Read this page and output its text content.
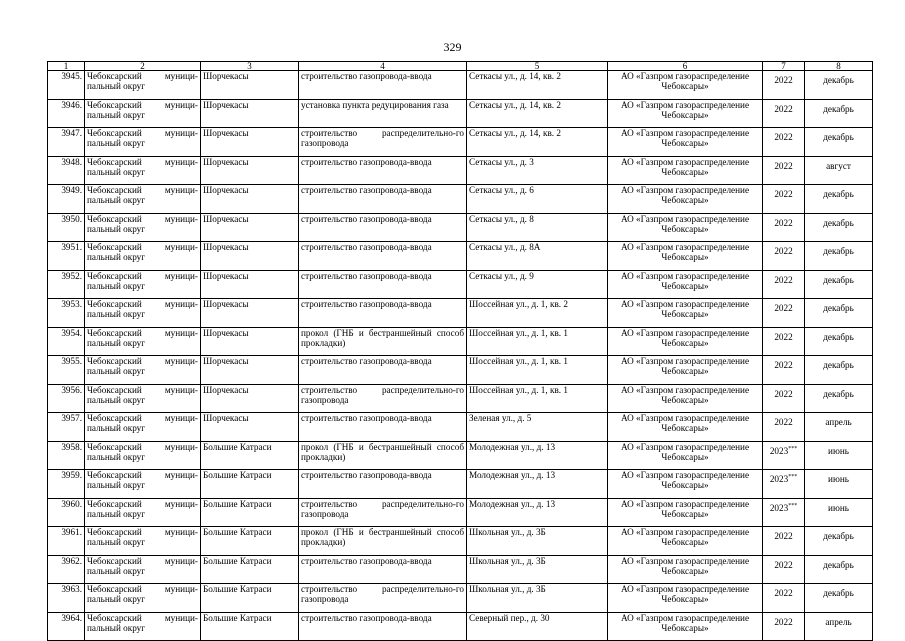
329
1	2	3	4	5	6	7	8
3945.	Чебоксарский муници-пальный округ	Шорчекасы	строительство газопровода-ввода	Сеткасы ул., д. 14, кв. 2	АО «Газпром газораспределение Чебоксары»	2022	декабрь
3946.	Чебоксарский муници-пальный округ	Шорчекасы	установка пункта редуцирования газа	Сеткасы ул., д. 14, кв. 2	АО «Газпром газораспределение Чебоксары»	2022	декабрь
3947.	Чебоксарский муници-пальный округ	Шорчекасы	строительство распределительно-го газопровода	Сеткасы ул., д. 14, кв. 2	АО «Газпром газораспределение Чебоксары»	2022	декабрь
3948.	Чебоксарский муници-пальный округ	Шорчекасы	строительство газопровода-ввода	Сеткасы ул., д. 3	АО «Газпром газораспределение Чебоксары»	2022	август
3949.	Чебоксарский муници-пальный округ	Шорчекасы	строительство газопровода-ввода	Сеткасы ул., д. 6	АО «Газпром газораспределение Чебоксары»	2022	декабрь
3950.	Чебоксарский муници-пальный округ	Шорчекасы	строительство газопровода-ввода	Сеткасы ул., д. 8	АО «Газпром газораспределение Чебоксары»	2022	декабрь
3951.	Чебоксарский муници-пальный округ	Шорчекасы	строительство газопровода-ввода	Сеткасы ул., д. 8А	АО «Газпром газораспределение Чебоксары»	2022	декабрь
3952.	Чебоксарский муници-пальный округ	Шорчекасы	строительство газопровода-ввода	Сеткасы ул., д. 9	АО «Газпром газораспределение Чебоксары»	2022	декабрь
3953.	Чебоксарский муници-пальный округ	Шорчекасы	строительство газопровода-ввода	Шоссейная ул., д. 1, кв. 2	АО «Газпром газораспределение Чебоксары»	2022	декабрь
3954.	Чебоксарский муници-пальный округ	Шорчекасы	прокол (ГНБ и бестраншейный способ прокладки)	Шоссейная ул., д. 1, кв. 1	АО «Газпром газораспределение Чебоксары»	2022	декабрь
3955.	Чебоксарский муници-пальный округ	Шорчекасы	строительство газопровода-ввода	Шоссейная ул., д. 1, кв. 1	АО «Газпром газораспределение Чебоксары»	2022	декабрь
3956.	Чебоксарский муници-пальный округ	Шорчекасы	строительство распределительно-го газопровода	Шоссейная ул., д. 1, кв. 1	АО «Газпром газораспределение Чебоксары»	2022	декабрь
3957.	Чебоксарский муници-пальный округ	Шорчекасы	строительство газопровода-ввода	Зеленая ул., д. 5	АО «Газпром газораспределение Чебоксары»	2022	апрель
3958.	Чебоксарский муници-пальный округ	Большие Катраси	прокол (ГНБ и бестраншейный способ прокладки)	Молодежная ул., д. 13	АО «Газпром газораспределение Чебоксары»	2023***	июнь
3959.	Чебоксарский муници-пальный округ	Большие Катраси	строительство газопровода-ввода	Молодежная ул., д. 13	АО «Газпром газораспределение Чебоксары»	2023***	июнь
3960.	Чебоксарский муници-пальный округ	Большие Катраси	строительство распределительно-го газопровода	Молодежная ул., д. 13	АО «Газпром газораспределение Чебоксары»	2023***	июнь
3961.	Чебоксарский муници-пальный округ	Большие Катраси	прокол (ГНБ и бестраншейный способ прокладки)	Школьная ул., д. 3Б	АО «Газпром газораспределение Чебоксары»	2022	декабрь
3962.	Чебоксарский муници-пальный округ	Большие Катраси	строительство газопровода-ввода	Школьная ул., д. 3Б	АО «Газпром газораспределение Чебоксары»	2022	декабрь
3963.	Чебоксарский муници-пальный округ	Большие Катраси	строительство распределительно-го газопровода	Школьная ул., д. 3Б	АО «Газпром газораспределение Чебоксары»	2022	декабрь
3964.	Чебоксарский муници-пальный округ	Большие Катраси	строительство газопровода-ввода	Северный пер., д. 30	АО «Газпром газораспределение Чебоксары»	2022	апрель
